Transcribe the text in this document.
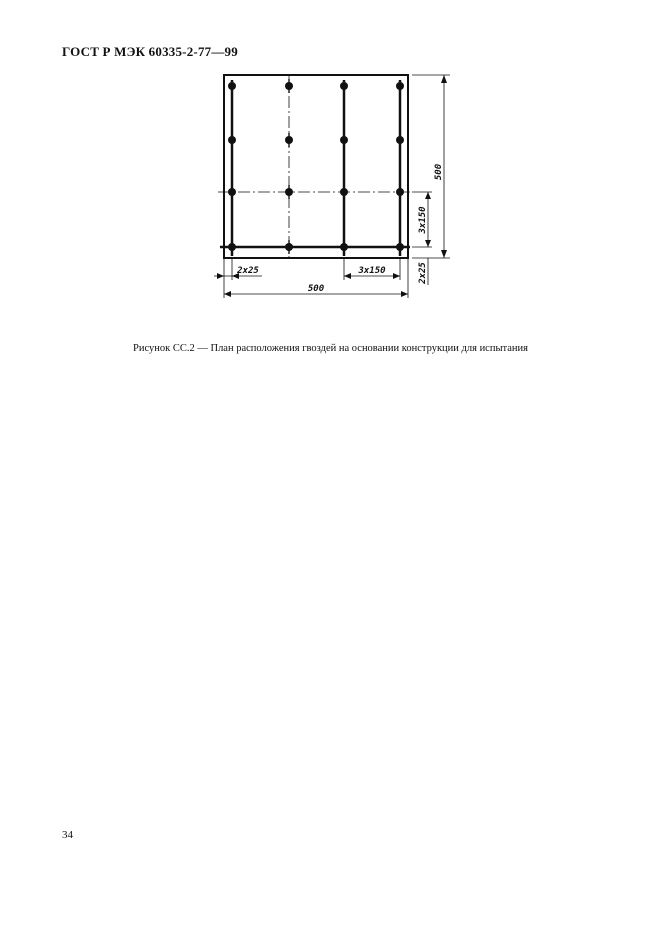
ГОСТ Р МЭК 60335-2-77—99
500
3x150
2x25
2x25	3x150
500
Рисунок СС.2 — План расположения гвоздей на основании конструкции для испытания
34
